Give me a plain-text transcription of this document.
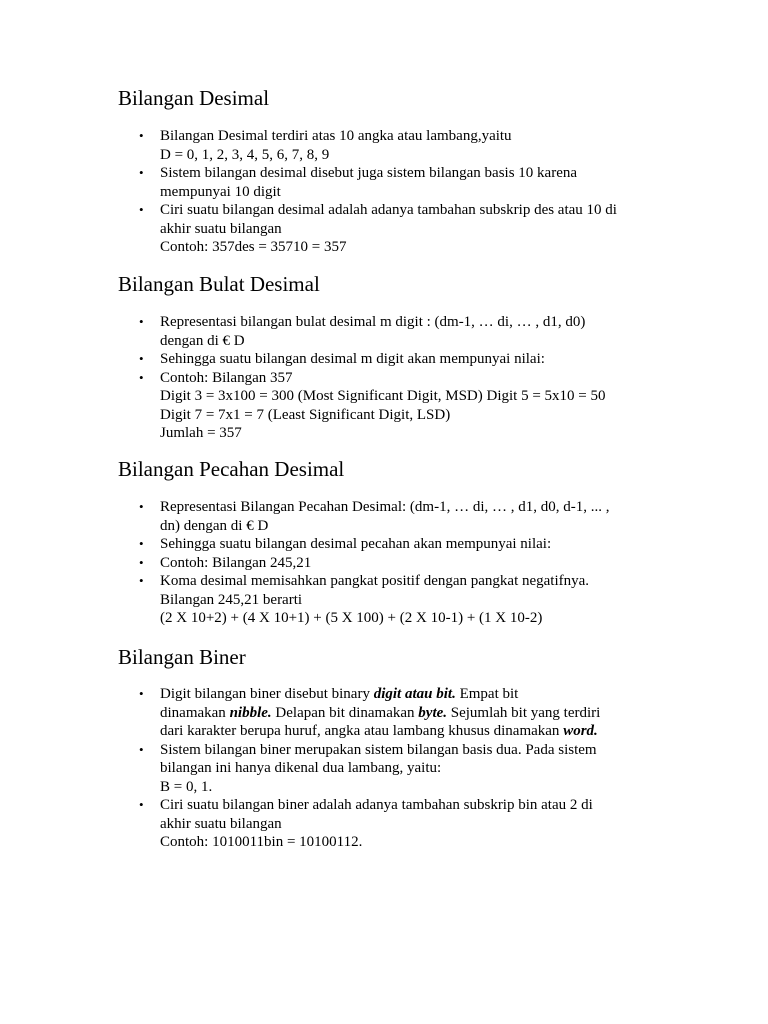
Bilangan Desimal
• Bilangan Desimal terdiri atas 10 angka atau lambang,yaitu
D = 0, 1, 2, 3, 4, 5, 6, 7, 8, 9
• Sistem bilangan desimal disebut juga sistem bilangan basis 10 karena
mempunyai 10 digit
• Ciri suatu bilangan desimal adalah adanya tambahan subskrip des atau 10 di
akhir suatu bilangan
Contoh: 357des = 35710 = 357
Bilangan Bulat Desimal
• Representasi bilangan bulat desimal m digit : (dm-1, … di, … , d1, d0)
dengan di € D
• Sehingga suatu bilangan desimal m digit akan mempunyai nilai:
• Contoh: Bilangan 357
Digit 3 = 3x100 = 300 (Most Significant Digit, MSD) Digit 5 = 5x10 = 50
Digit 7 = 7x1 = 7 (Least Significant Digit, LSD)
Jumlah = 357
Bilangan Pecahan Desimal
• Representasi Bilangan Pecahan Desimal: (dm-1, … di, … , d1, d0, d-1, ... ,
dn) dengan di € D
• Sehingga suatu bilangan desimal pecahan akan mempunyai nilai:
• Contoh: Bilangan 245,21
• Koma desimal memisahkan pangkat positif dengan pangkat negatifnya.
Bilangan 245,21 berarti
(2 X 10+2) + (4 X 10+1) + (5 X 100) + (2 X 10-1) + (1 X 10-2)
Bilangan Biner
• Digit bilangan biner disebut binary digit atau bit. Empat bit
dinamakan nibble. Delapan bit dinamakan byte. Sejumlah bit yang terdiri
dari karakter berupa huruf, angka atau lambang khusus dinamakan word.
• Sistem bilangan biner merupakan sistem bilangan basis dua. Pada sistem
bilangan ini hanya dikenal dua lambang, yaitu:
B = 0, 1.
• Ciri suatu bilangan biner adalah adanya tambahan subskrip bin atau 2 di
akhir suatu bilangan
Contoh: 1010011bin = 10100112.
